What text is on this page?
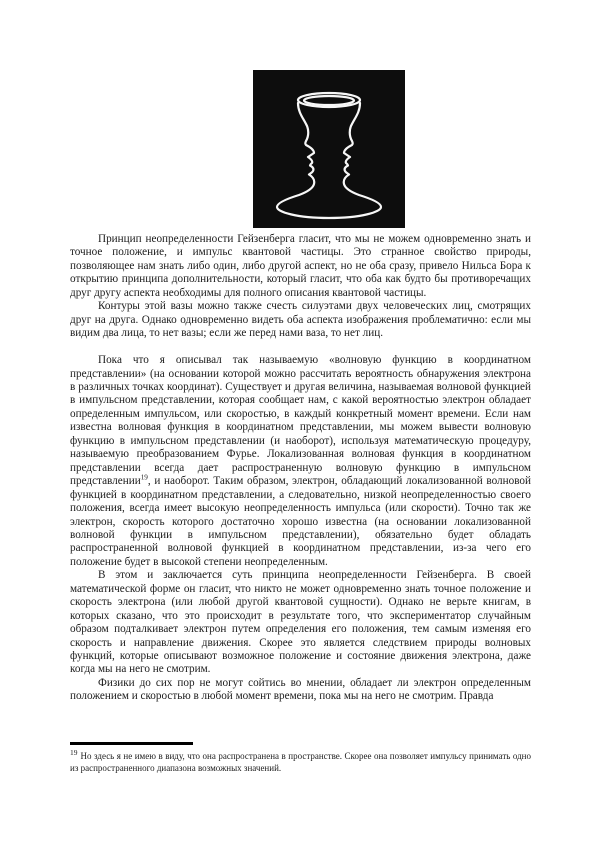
Принцип неопределенности Гейзенберга гласит, что мы не можем одновременно знать и точное положение, и импульс квантовой частицы. Это странное свойство природы, позволяющее нам знать либо один, либо другой аспект, но не оба сразу, привело Нильса Бора к открытию принципа дополнительности, который гласит, что оба как будто бы противоречащих друг другу аспекта необходимы для полного описания квантовой частицы.

Контуры этой вазы можно также счесть силуэтами двух человеческих лиц, смотрящих друг на друга. Однако одновременно видеть оба аспекта изображения проблематично: если мы видим два лица, то нет вазы; если же перед нами ваза, то нет лиц.

Пока что я описывал так называемую «волновую функцию в координатном представлении» (на основании которой можно рассчитать вероятность обнаружения электрона в различных точках координат). Существует и другая величина, называемая волновой функцией в импульсном представлении, которая сообщает нам, с какой вероятностью электрон обладает определенным импульсом, или скоростью, в каждый конкретный момент времени. Если нам известна волновая функция в координатном представлении, мы можем вывести волновую функцию в импульсном представлении (и наоборот), используя математическую процедуру, называемую преобразованием Фурье. Локализованная волновая функция в координатном представлении всегда дает распространенную волновую функцию в импульсном представлении$^{19}$, и наоборот. Таким образом, электрон, обладающий локализованной волновой функцией в координатном представлении, а следовательно, низкой неопределенностью своего положения, всегда имеет высокую неопределенность импульса (или скорости). Точно так же электрон, скорость которого достаточно хорошо известна (на основании локализованной волновой функции в импульсном представлении), обязательно будет обладать распространенной волновой функцией в координатном представлении, из-за чего его положение будет в высокой степени неопределенным.

В этом и заключается суть принципа неопределенности Гейзенберга. В своей математической форме он гласит, что никто не может одновременно знать точное положение и скорость электрона (или любой другой квантовой сущности). Однако не верьте книгам, в которых сказано, что это происходит в результате того, что экспериментатор случайным образом подталкивает электрон путем определения его положения, тем самым изменяя его скорость и направление движения. Скорее это является следствием природы волновых функций, которые описывают возможное положение и состояние движения электрона, даже когда мы на него не смотрим.

Физики до сих пор не могут сойтись во мнении, обладает ли электрон определенным положением и скоростью в любой момент времени, пока мы на него не смотрим. Правда

$^{19}$ Но здесь я не имею в виду, что она распространена в пространстве. Скорее она позволяет импульсу принимать одно из распространенного диапазона возможных значений.
